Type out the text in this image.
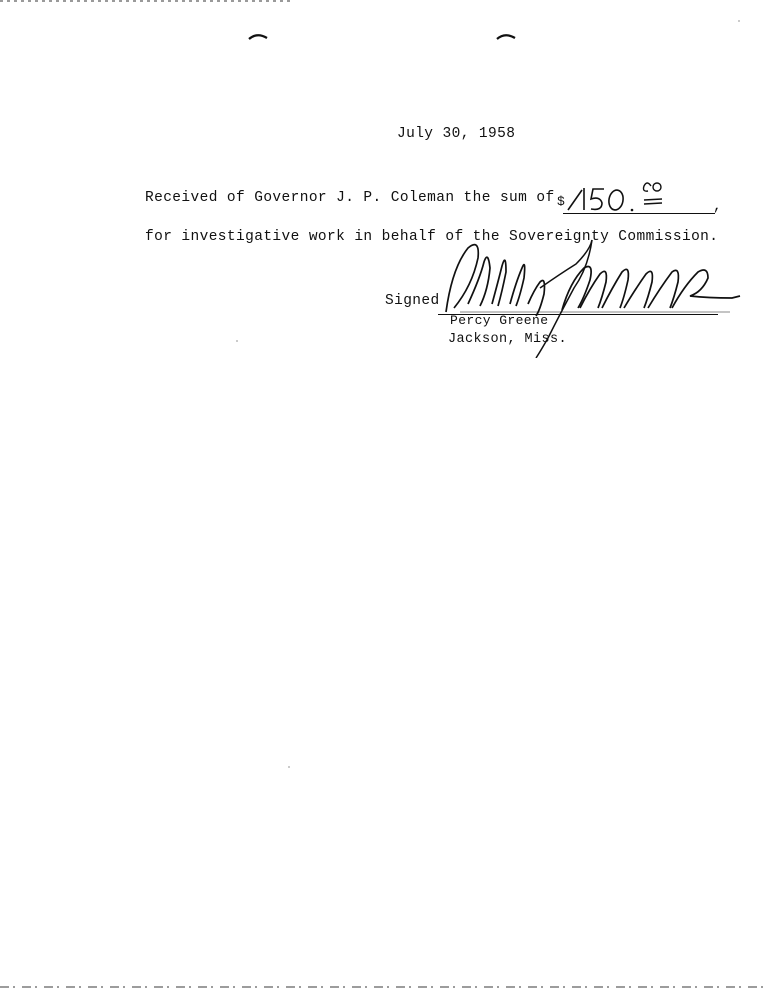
July 30, 1958
Received of Governor J. P. Coleman the sum of $	,
for investigative work in behalf of the Sovereignty Commission.
Signed
Percy Greene
Jackson, Miss.
